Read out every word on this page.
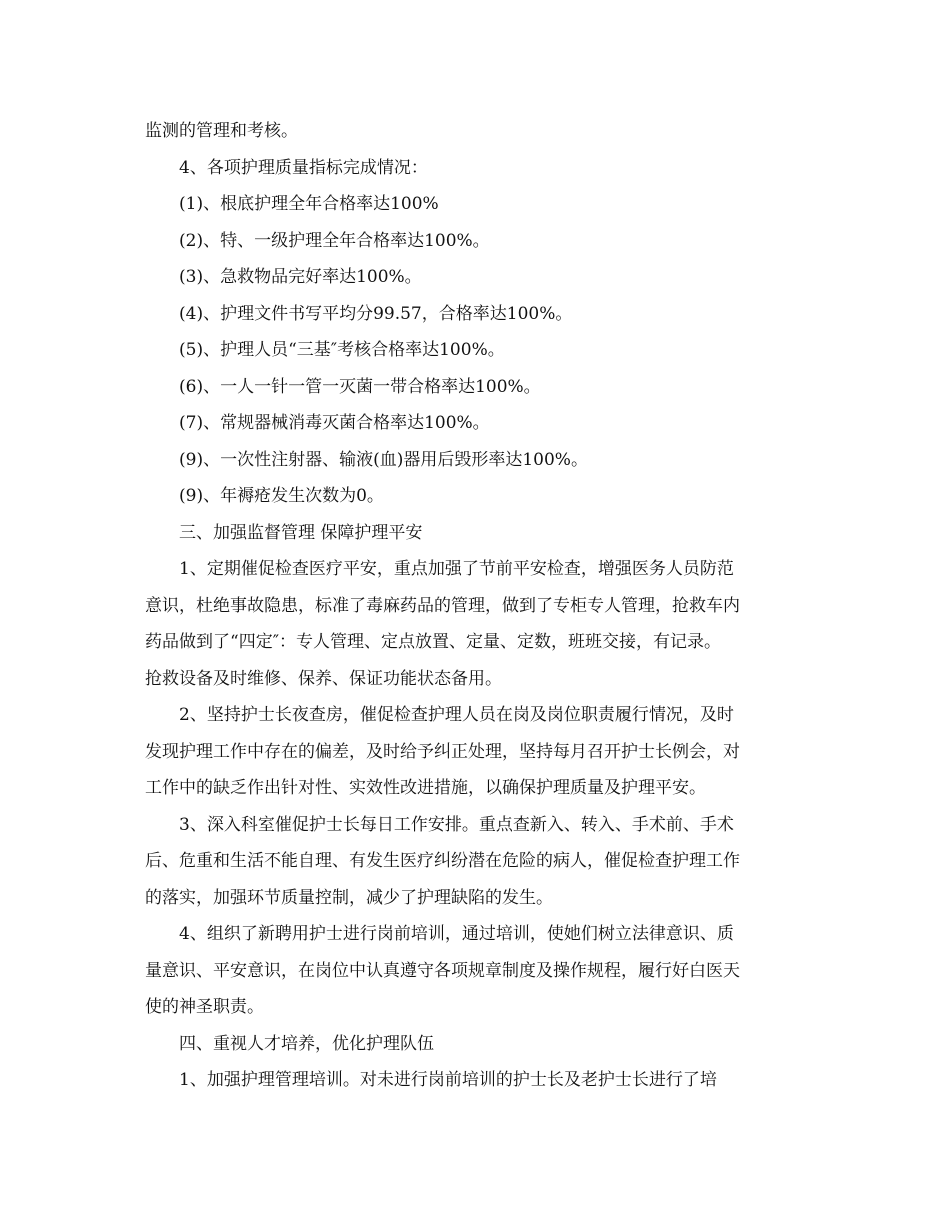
监测的管理和考核。

4、各项护理质量指标完成情况：

(1)、根底护理全年合格率达100%

(2)、特、一级护理全年合格率达100%。

(3)、急救物品完好率达100%。

(4)、护理文件书写平均分99.57，合格率达100%。

(5)、护理人员“三基″考核合格率达100%。

(6)、一人一针一管一灭菌一带合格率达100%。

(7)、常规器械消毒灭菌合格率达100%。

(9)、一次性注射器、输液(血)器用后毁形率达100%。

(9)、年褥疮发生次数为0。

三、加强监督管理 保障护理平安

1、定期催促检查医疗平安，重点加强了节前平安检查，增强医务人员防范

意识，杜绝事故隐患，标准了毒麻药品的管理，做到了专柜专人管理，抢救车内

药品做到了“四定″：专人管理、定点放置、定量、定数，班班交接，有记录。

抢救设备及时维修、保养、保证功能状态备用。

2、坚持护士长夜查房，催促检查护理人员在岗及岗位职责履行情况，及时

发现护理工作中存在的偏差，及时给予纠正处理，坚持每月召开护士长例会，对

工作中的缺乏作出针对性、实效性改进措施，以确保护理质量及护理平安。

3、深入科室催促护士长每日工作安排。重点查新入、转入、手术前、手术

后、危重和生活不能自理、有发生医疗纠纷潜在危险的病人，催促检查护理工作

的落实，加强环节质量控制，减少了护理缺陷的发生。

4、组织了新聘用护士进行岗前培训，通过培训，使她们树立法律意识、质

量意识、平安意识，在岗位中认真遵守各项规章制度及操作规程，履行好白医天

使的神圣职责。

四、重视人才培养，优化护理队伍

1、加强护理管理培训。对未进行岗前培训的护士长及老护士长进行了培
